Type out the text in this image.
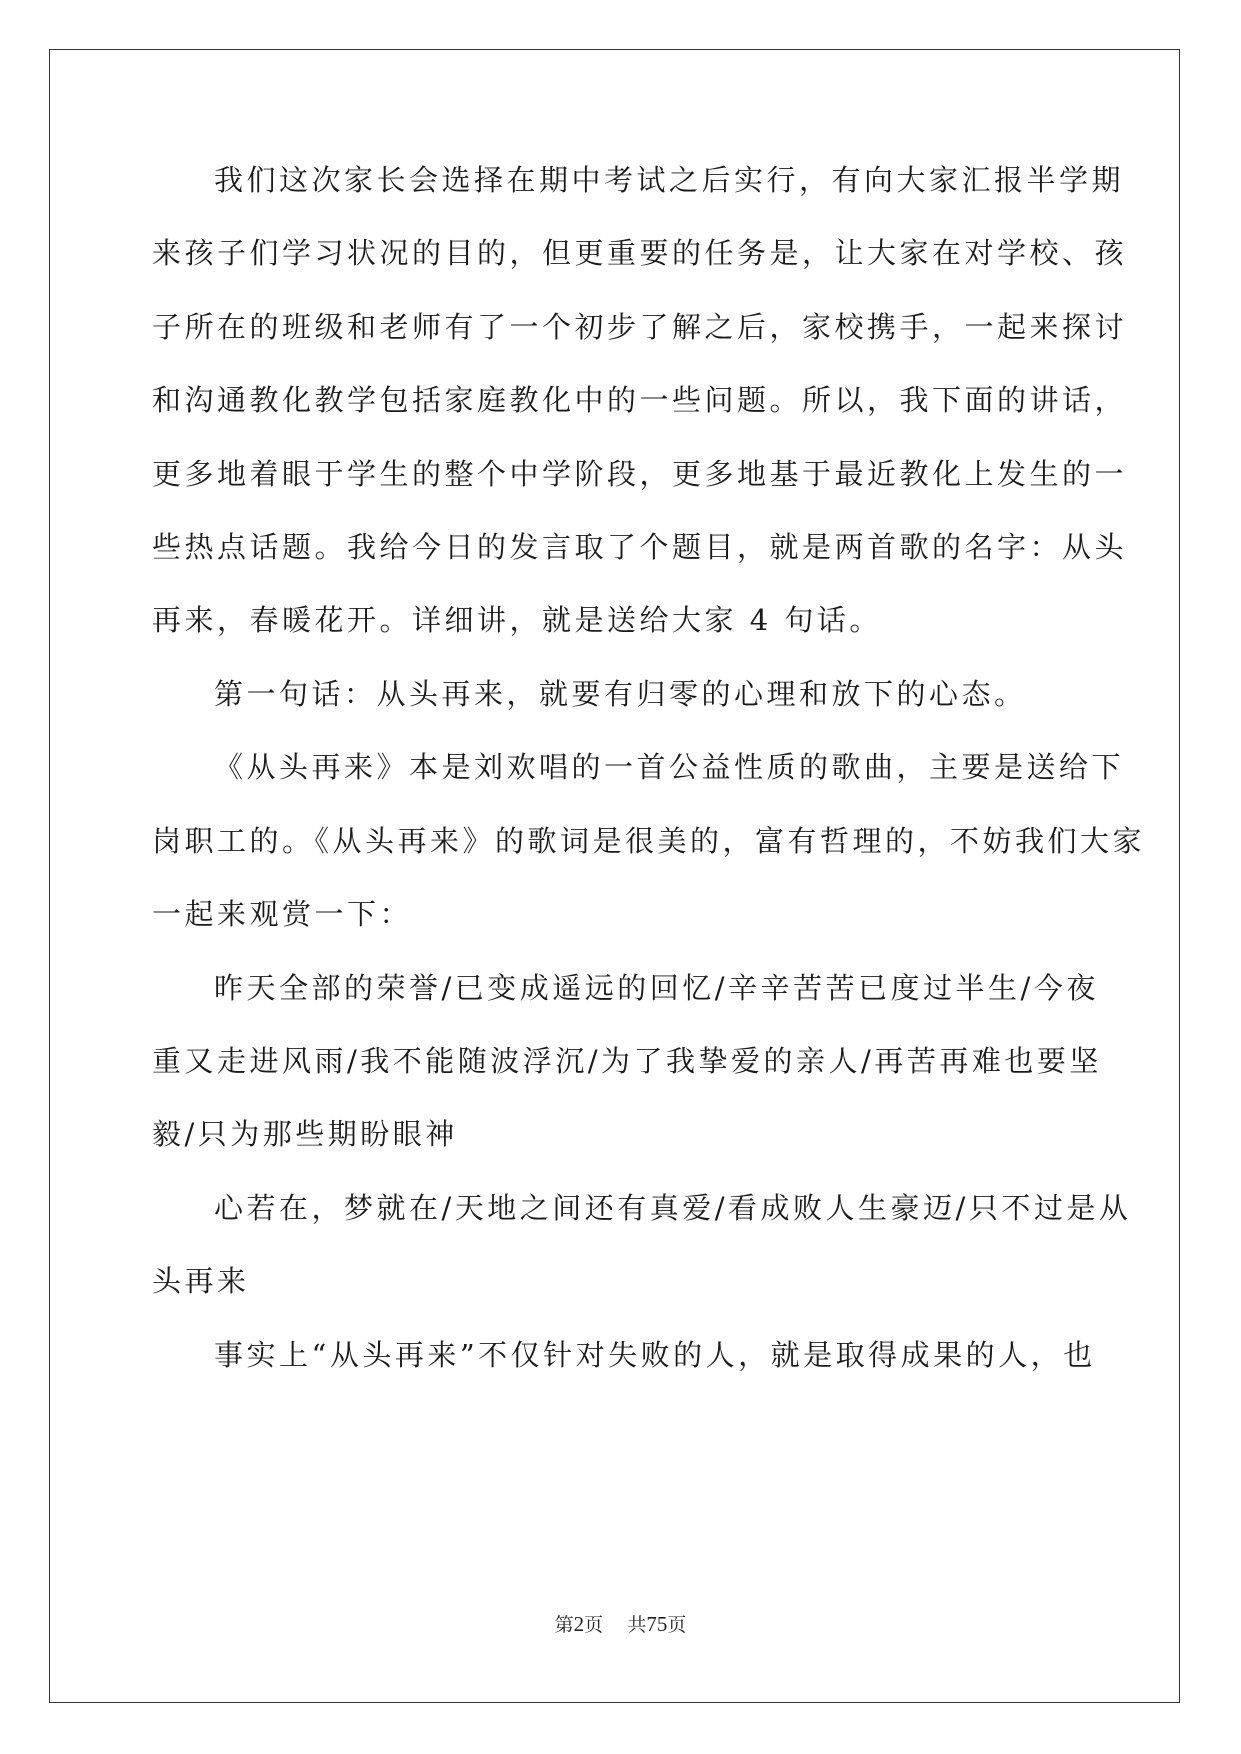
我们这次家长会选择在期中考试之后实行，有向大家汇报半学期
来孩子们学习状况的目的，但更重要的任务是，让大家在对学校、孩
子所在的班级和老师有了一个初步了解之后，家校携手，一起来探讨
和沟通教化教学包括家庭教化中的一些问题。所以，我下面的讲话，
更多地着眼于学生的整个中学阶段，更多地基于最近教化上发生的一
些热点话题。我给今日的发言取了个题目，就是两首歌的名字：从头
再来，春暖花开。详细讲，就是送给大家 4 句话。
第一句话：从头再来，就要有归零的心理和放下的心态。
《从头再来》本是刘欢唱的一首公益性质的歌曲，主要是送给下
岗职工的。《从头再来》的歌词是很美的，富有哲理的，不妨我们大家
一起来观赏一下：
昨天全部的荣誉/已变成遥远的回忆/辛辛苦苦已度过半生/今夜
重又走进风雨/我不能随波浮沉/为了我挚爱的亲人/再苦再难也要坚
毅/只为那些期盼眼神
心若在，梦就在/天地之间还有真爱/看成败人生豪迈/只不过是从
头再来
事实上“从头再来”不仅针对失败的人，就是取得成果的人，也
第2页 共75页
